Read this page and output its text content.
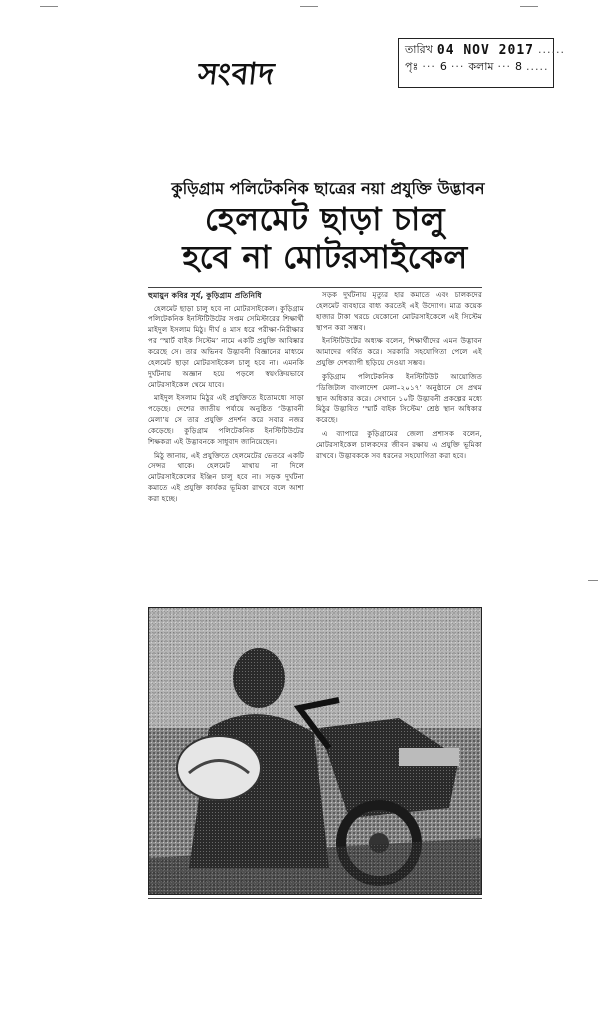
তারিখ 04 NOV 2017 ......
পৃঃ ··· 6 ··· কলাম ··· 8 .....
সংবাদ
কুড়িগ্রাম পলিটেকনিক ছাত্রের নয়া প্রযুক্তি উদ্ভাবন
হেলমেট ছাড়া চালু
হবে না মোটরসাইকেল
হুমায়ুন কবির সূর্য, কুড়িগ্রাম প্রতিনিধি

হেলমেট ছাড়া চালু হবে না মোটরসাইকেল। কুড়িগ্রাম পলিটেকনিক ইনস্টিটিউটের সপ্তম সেমিস্টারের শিক্ষার্থী মাইদুল ইসলাম মিঠু। দীর্ঘ ৪ মাস ধরে পরীক্ষা-নিরীক্ষার পর ‘স্মার্ট বাইক সিস্টেম’ নামে একটি প্রযুক্তি আবিষ্কার করেছে সে। তার অভিনব উদ্ভাবনী বিজ্ঞানের মাধ্যমে হেলমেট ছাড়া মোটরসাইকেল চালু হবে না। এমনকি দুর্ঘটনায় অজ্ঞান হয়ে পড়লে স্বয়ংক্রিয়ভাবে মোটরসাইকেল থেমে যাবে।

মাইদুল ইসলাম মিঠুর এই প্রযুক্তিতে ইতোমধ্যে সাড়া পড়েছে। দেশের জাতীয় পর্যায়ে অনুষ্ঠিত ‘উদ্ভাবনী মেলা’য় সে তার প্রযুক্তি প্রদর্শন করে সবার নজর কেড়েছে। কুড়িগ্রাম পলিটেকনিক ইনস্টিটিউটের শিক্ষকরা এই উদ্ভাবনকে সাধুবাদ জানিয়েছেন।

মিঠু জানায়, এই প্রযুক্তিতে হেলমেটের ভেতরে একটি সেন্সর থাকে। হেলমেট মাথায় না দিলে মোটরসাইকেলের ইঞ্জিন চালু হবে না। সড়ক দুর্ঘটনা কমাতে এই প্রযুক্তি কার্যকর ভূমিকা রাখবে বলে আশা করা হচ্ছে।

সড়ক দুর্ঘটনায় মৃত্যুর হার কমাতে এবং চালকদের হেলমেট ব্যবহারে বাধ্য করতেই এই উদ্যোগ। মাত্র কয়েক হাজার টাকা খরচে যেকোনো মোটরসাইকেলে এই সিস্টেম স্থাপন করা সম্ভব।

ইনস্টিটিউটের অধ্যক্ষ বলেন, শিক্ষার্থীদের এমন উদ্ভাবন আমাদের গর্বিত করে। সরকারি সহযোগিতা পেলে এই প্রযুক্তি দেশব্যাপী ছড়িয়ে দেওয়া সম্ভব।

কুড়িগ্রাম পলিটেকনিক ইনস্টিটিউট আয়োজিত ‘ডিজিটাল বাংলাদেশ মেলা–২০১৭’ অনুষ্ঠানে সে প্রথম স্থান অধিকার করে। সেখানে ১০টি উদ্ভাবনী প্রকল্পের মধ্যে মিঠুর উদ্ভাবিত ‘স্মার্ট বাইক সিস্টেম’ শ্রেষ্ঠ স্থান অধিকার করেছে।

এ ব্যাপারে কুড়িগ্রামের জেলা প্রশাসক বলেন, মোটরসাইকেল চালকদের জীবন রক্ষায় এ প্রযুক্তি ভূমিকা রাখবে। উদ্ভাবককে সব ধরনের সহযোগিতা করা হবে।
